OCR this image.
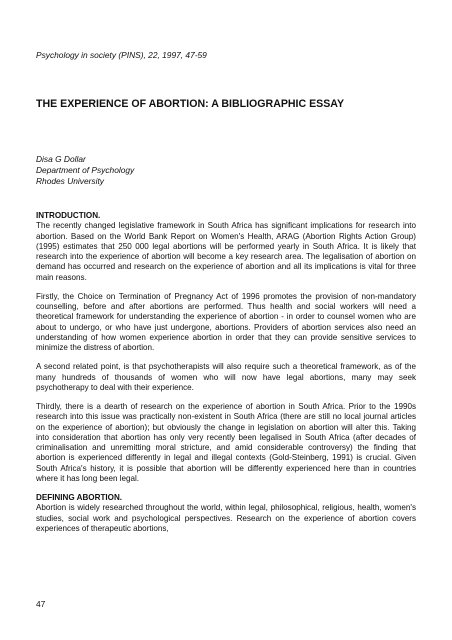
Psychology in society (PINS), 22, 1997, 47-59
THE EXPERIENCE OF ABORTION: A BIBLIOGRAPHIC ESSAY
Disa G Dollar
Department of Psychology
Rhodes University
INTRODUCTION.

The recently changed legislative framework in South Africa has significant implications for research into abortion. Based on the World Bank Report on Women's Health, ARAG (Abortion Rights Action Group) (1995) estimates that 250 000 legal abortions will be performed yearly in South Africa. It is likely that research into the experience of abortion will become a key research area. The legalisation of abortion on demand has occurred and research on the experience of abortion and all its implications is vital for three main reasons.

Firstly, the Choice on Termination of Pregnancy Act of 1996 promotes the provision of non-mandatory counselling, before and after abortions are performed. Thus health and social workers will need a theoretical framework for understanding the experience of abortion - in order to counsel women who are about to undergo, or who have just undergone, abortions. Providers of abortion services also need an understanding of how women experience abortion in order that they can provide sensitive services to minimize the distress of abortion.

A second related point, is that psychotherapists will also require such a theoretical framework, as of the many hundreds of thousands of women who will now have legal abortions, many may seek psychotherapy to deal with their experience.

Thirdly, there is a dearth of research on the experience of abortion in South Africa. Prior to the 1990s research into this issue was practically non-existent in South Africa (there are still no local journal articles on the experience of abortion); but obviously the change in legislation on abortion will alter this. Taking into consideration that abortion has only very recently been legalised in South Africa (after decades of criminalisation and unremitting moral stricture, and amid considerable controversy) the finding that abortion is experienced differently in legal and illegal contexts (Gold-Steinberg, 1991) is crucial. Given South Africa's history, it is possible that abortion will be differently experienced here than in countries where it has long been legal.

DEFINING ABORTION.

Abortion is widely researched throughout the world, within legal, philosophical, religious, health, women's studies, social work and psychological perspectives. Research on the experience of abortion covers experiences of therapeutic abortions,

47
